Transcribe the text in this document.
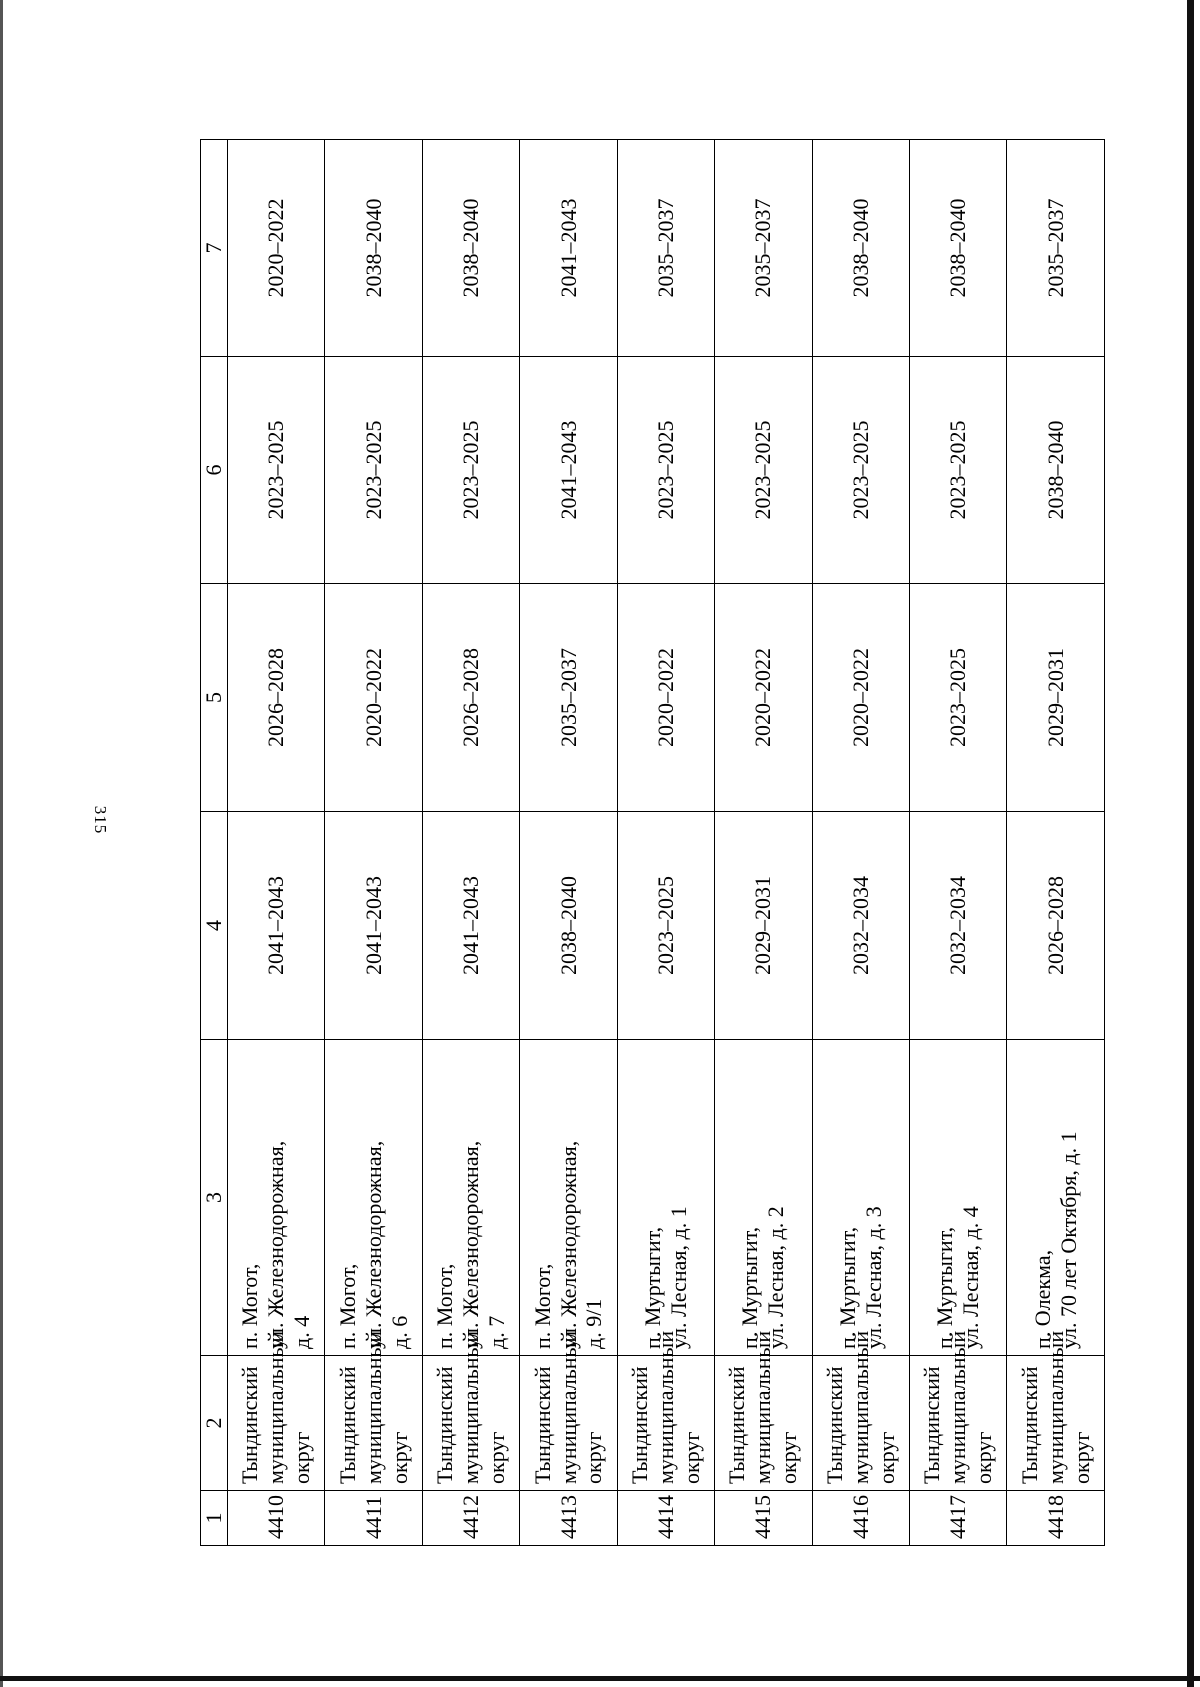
315
1	2	3	4	5	6	7
4410	Тындинский муниципальный округ	п. Могот, ул. Железнодорожная, д. 4	2041–2043	2026–2028	2023–2025	2020–2022
4411	Тындинский муниципальный округ	п. Могот, ул. Железнодорожная, д. 6	2041–2043	2020–2022	2023–2025	2038–2040
4412	Тындинский муниципальный округ	п. Могот, ул. Железнодорожная, д. 7	2041–2043	2026–2028	2023–2025	2038–2040
4413	Тындинский муниципальный округ	п. Могот, ул. Железнодорожная, д. 9/1	2038–2040	2035–2037	2041–2043	2041–2043
4414	Тындинский муниципальный округ	п. Муртыгит, ул. Лесная, д. 1	2023–2025	2020–2022	2023–2025	2035–2037
4415	Тындинский муниципальный округ	п. Муртыгит, ул. Лесная, д. 2	2029–2031	2020–2022	2023–2025	2035–2037
4416	Тындинский муниципальный округ	п. Муртыгит, ул. Лесная, д. 3	2032–2034	2020–2022	2023–2025	2038–2040
4417	Тындинский муниципальный округ	п. Муртыгит, ул. Лесная, д. 4	2032–2034	2023–2025	2023–2025	2038–2040
4418	Тындинский муниципальный округ	п. Олекма, ул. 70 лет Октября, д. 1	2026–2028	2029–2031	2038–2040	2035–2037
